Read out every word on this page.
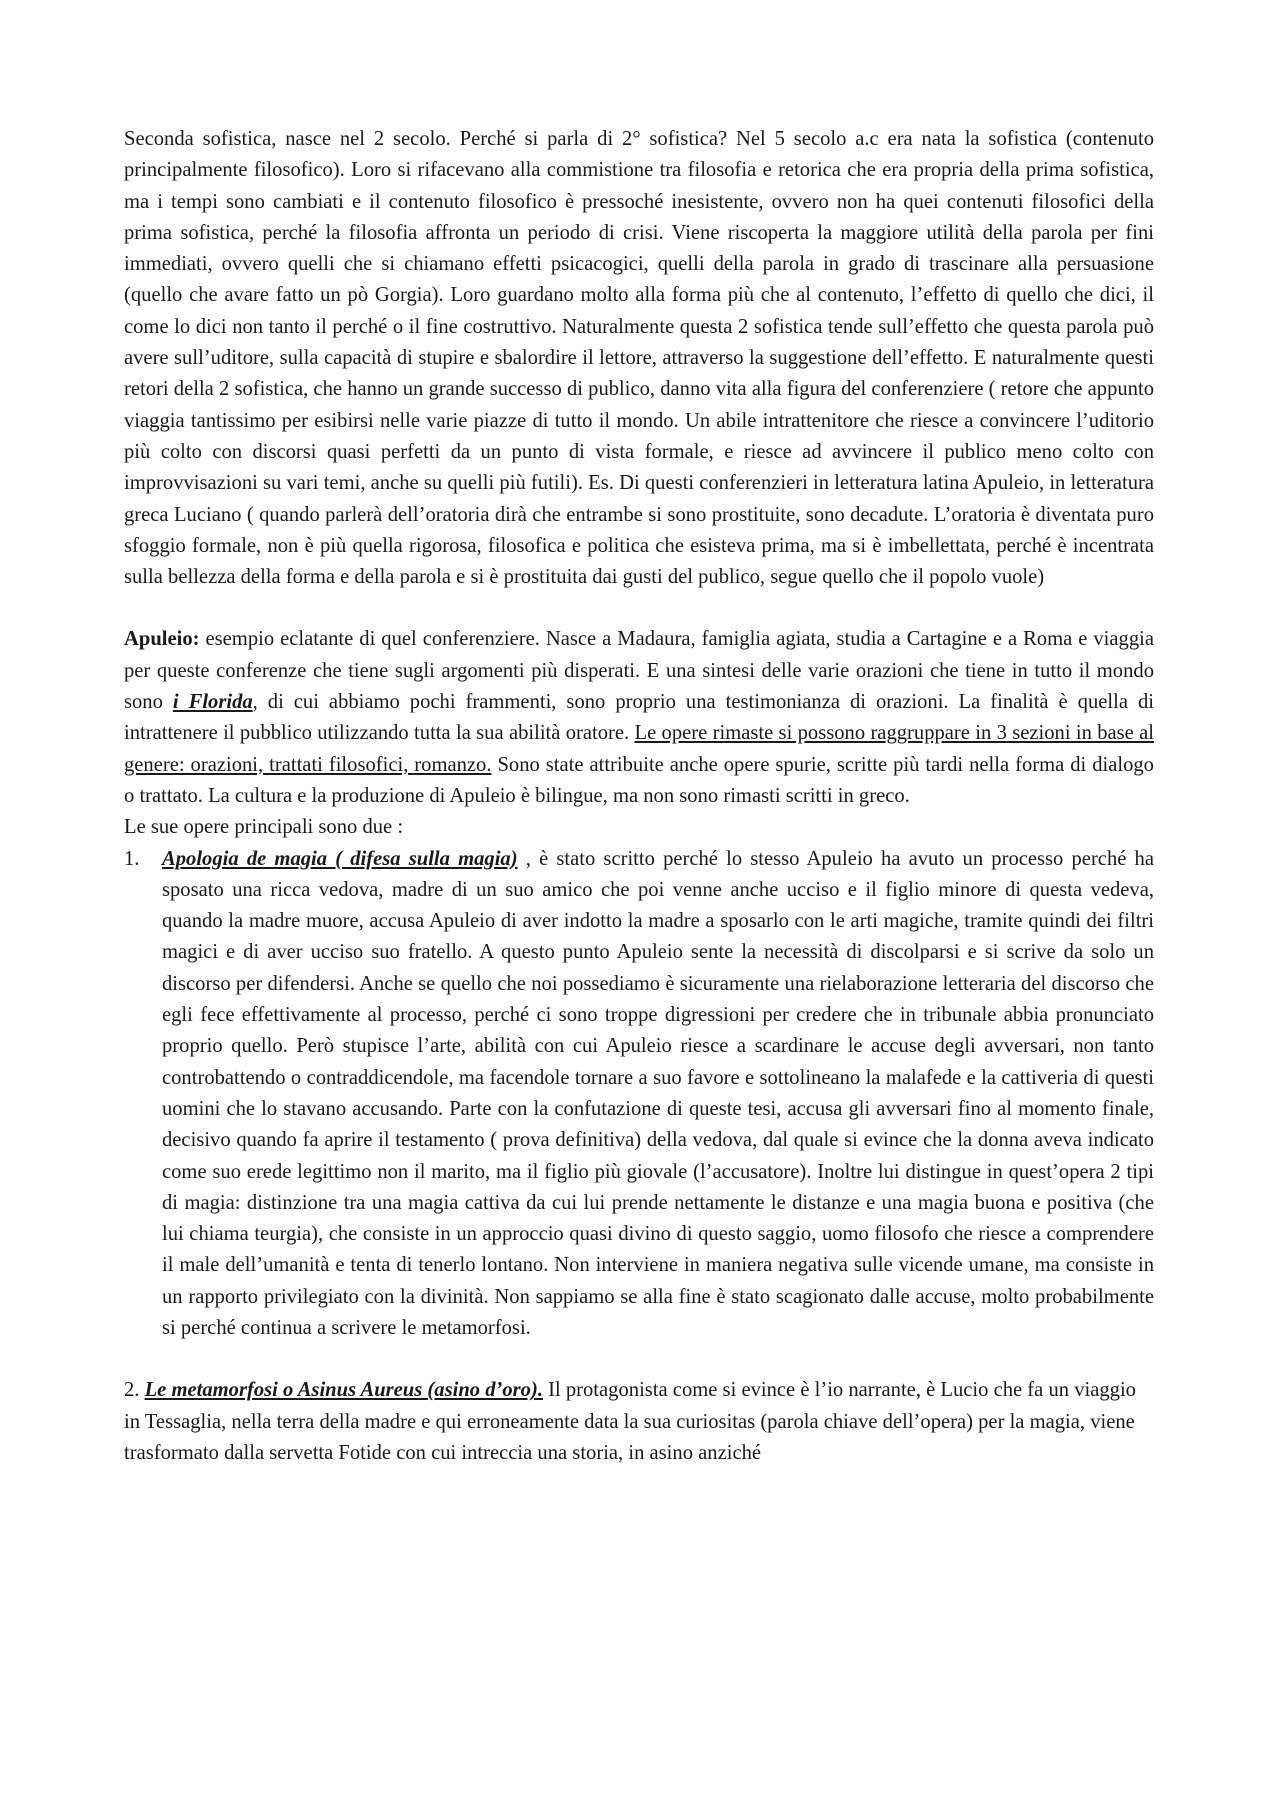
Seconda sofistica, nasce nel 2 secolo. Perché si parla di 2° sofistica? Nel 5 secolo a.c era nata la sofistica (contenuto principalmente filosofico). Loro si rifacevano alla commistione tra filosofia e retorica che era propria della prima sofistica, ma i tempi sono cambiati e il contenuto filosofico è pressoché inesistente, ovvero non ha quei contenuti filosofici della prima sofistica, perché la filosofia affronta un periodo di crisi. Viene riscoperta la maggiore utilità della parola per fini immediati, ovvero quelli che si chiamano effetti psicacogici, quelli della parola in grado di trascinare alla persuasione (quello che avare fatto un pò Gorgia). Loro guardano molto alla forma più che al contenuto, l’effetto di quello che dici, il come lo dici non tanto il perché o il fine costruttivo. Naturalmente questa 2 sofistica tende sull’effetto che questa parola può avere sull’uditore, sulla capacità di stupire e sbalordire il lettore, attraverso la suggestione dell’effetto. E naturalmente questi retori della 2 sofistica, che hanno un grande successo di publico, danno vita alla figura del conferenziere ( retore che appunto viaggia tantissimo per esibirsi nelle varie piazze di tutto il mondo. Un abile intrattenitore che riesce a convincere l’uditorio più colto con discorsi quasi perfetti da un punto di vista formale, e riesce ad avvincere il publico meno colto con improvvisazioni su vari temi, anche su quelli più futili). Es. Di questi conferenzieri in letteratura latina Apuleio, in letteratura greca Luciano ( quando parlerà dell’oratoria dirà che entrambe si sono prostituite, sono decadute. L’oratoria è diventata puro sfoggio formale, non è più quella rigorosa, filosofica e politica che esisteva prima, ma si è imbellettata, perché è incentrata sulla bellezza della forma e della parola e si è prostituita dai gusti del publico, segue quello che il popolo vuole)

Apuleio: esempio eclatante di quel conferenziere. Nasce a Madaura, famiglia agiata, studia a Cartagine e a Roma e viaggia per queste conferenze che tiene sugli argomenti più disperati. E una sintesi delle varie orazioni che tiene in tutto il mondo sono i Florida, di cui abbiamo pochi frammenti, sono proprio una testimonianza di orazioni. La finalità è quella di intrattenere il pubblico utilizzando tutta la sua abilità oratore. Le opere rimaste si possono raggruppare in 3 sezioni in base al genere: orazioni, trattati filosofici, romanzo. Sono state attribuite anche opere spurie, scritte più tardi nella forma di dialogo o trattato. La cultura e la produzione di Apuleio è bilingue, ma non sono rimasti scritti in greco.

Le sue opere principali sono due :

1. Apologia de magia ( difesa sulla magia) , è stato scritto perché lo stesso Apuleio ha avuto un processo perché ha sposato una ricca vedova, madre di un suo amico che poi venne anche ucciso e il figlio minore di questa vedeva, quando la madre muore, accusa Apuleio di aver indotto la madre a sposarlo con le arti magiche, tramite quindi dei filtri magici e di aver ucciso suo fratello. A questo punto Apuleio sente la necessità di discolparsi e si scrive da solo un discorso per difendersi. Anche se quello che noi possediamo è sicuramente una rielaborazione letteraria del discorso che egli fece effettivamente al processo, perché ci sono troppe digressioni per credere che in tribunale abbia pronunciato proprio quello. Però stupisce l’arte, abilità con cui Apuleio riesce a scardinare le accuse degli avversari, non tanto controbattendo o contraddicendole, ma facendole tornare a suo favore e sottolineano la malafede e la cattiveria di questi uomini che lo stavano accusando. Parte con la confutazione di queste tesi, accusa gli avversari fino al momento finale, decisivo quando fa aprire il testamento ( prova definitiva) della vedova, dal quale si evince che la donna aveva indicato come suo erede legittimo non il marito, ma il figlio più giovale (l’accusatore). Inoltre lui distingue in quest’opera 2 tipi di magia: distinzione tra una magia cattiva da cui lui prende nettamente le distanze e una magia buona e positiva (che lui chiama teurgia), che consiste in un approccio quasi divino di questo saggio, uomo filosofo che riesce a comprendere il male dell’umanità e tenta di tenerlo lontano. Non interviene in maniera negativa sulle vicende umane, ma consiste in un rapporto privilegiato con la divinità. Non sappiamo se alla fine è stato scagionato dalle accuse, molto probabilmente si perché continua a scrivere le metamorfosi.

2. Le metamorfosi o Asinus Aureus (asino d’oro). Il protagonista come si evince è l’io narrante, è Lucio che fa un viaggio in Tessaglia, nella terra della madre e qui erroneamente data la sua curiositas (parola chiave dell’opera) per la magia, viene trasformato dalla servetta Fotide con cui intreccia una storia, in asino anziché
